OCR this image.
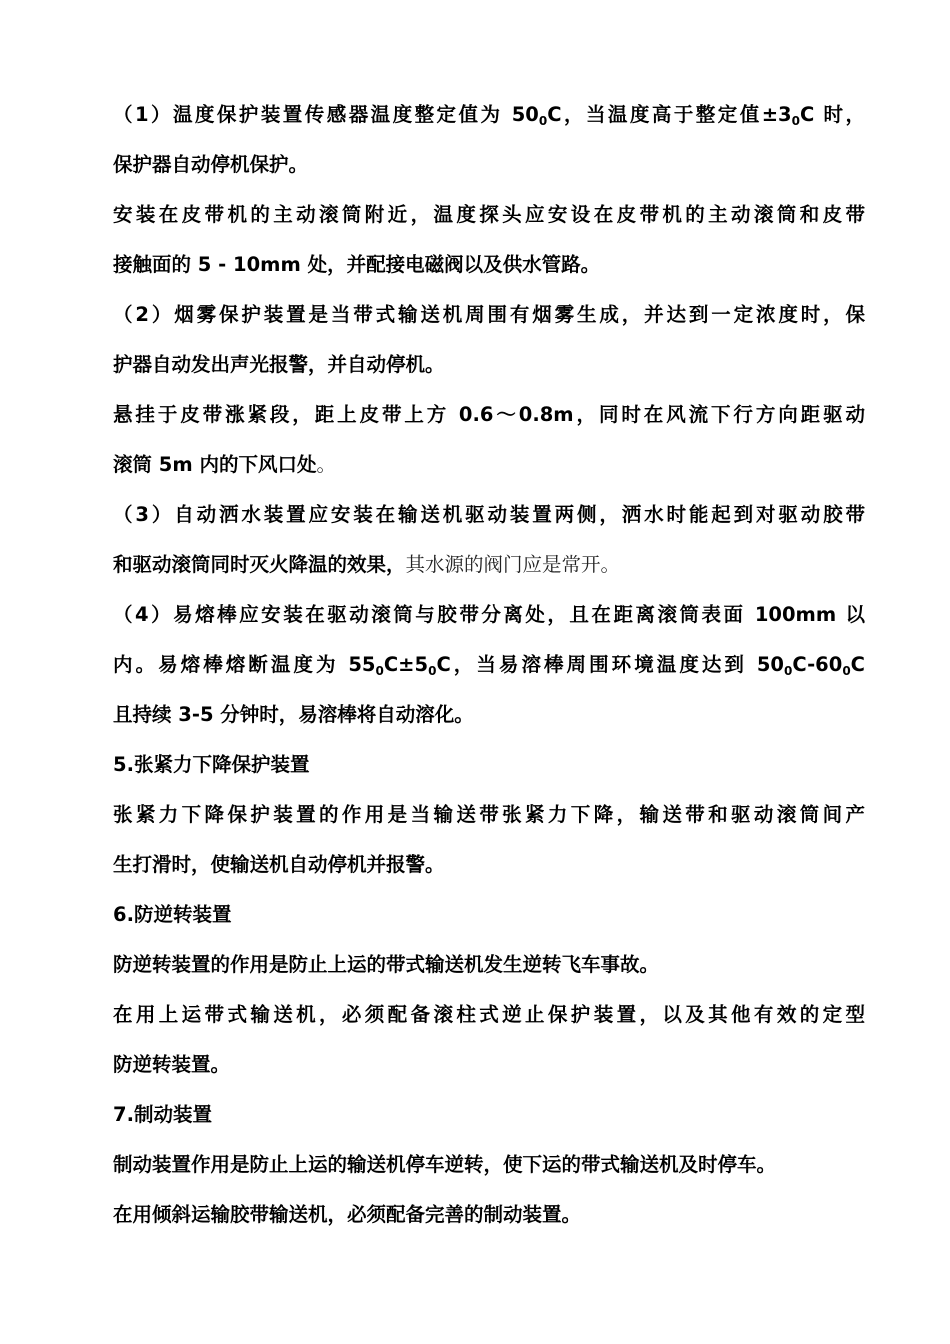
（1）温度保护装置传感器温度整定值为 $50_0C$，当温度高于整定值$\pm 3_0C$ 时，
保护器自动停机保护。
安装在皮带机的主动滚筒附近，温度探头应安设在皮带机的主动滚筒和皮带
接触面的 5 - 10mm 处，并配接电磁阀以及供水管路。
（2）烟雾保护装置是当带式输送机周围有烟雾生成，并达到一定浓度时，保
护器自动发出声光报警，并自动停机。
悬挂于皮带涨紧段，距上皮带上方 0.6～0.8m，同时在风流下行方向距驱动
滚筒 5m 内的下风口处。
（3）自动洒水装置应安装在输送机驱动装置两侧，洒水时能起到对驱动胶带
和驱动滚筒同时灭火降温的效果，其水源的阀门应是常开。
（4）易熔棒应安装在驱动滚筒与胶带分离处，且在距离滚筒表面 100mm 以
内。易熔棒熔断温度为 $55_0C\pm 5_0C$，当易溶棒周围环境温度达到 $50_0C-60_0C$
且持续 3-5 分钟时，易溶棒将自动溶化。
5.张紧力下降保护装置
张紧力下降保护装置的作用是当输送带张紧力下降，输送带和驱动滚筒间产
生打滑时，使输送机自动停机并报警。
6.防逆转装置
防逆转装置的作用是防止上运的带式输送机发生逆转飞车事故。
在用上运带式输送机，必须配备滚柱式逆止保护装置，以及其他有效的定型
防逆转装置。
7.制动装置
制动装置作用是防止上运的输送机停车逆转，使下运的带式输送机及时停车。
在用倾斜运输胶带输送机，必须配备完善的制动装置。
